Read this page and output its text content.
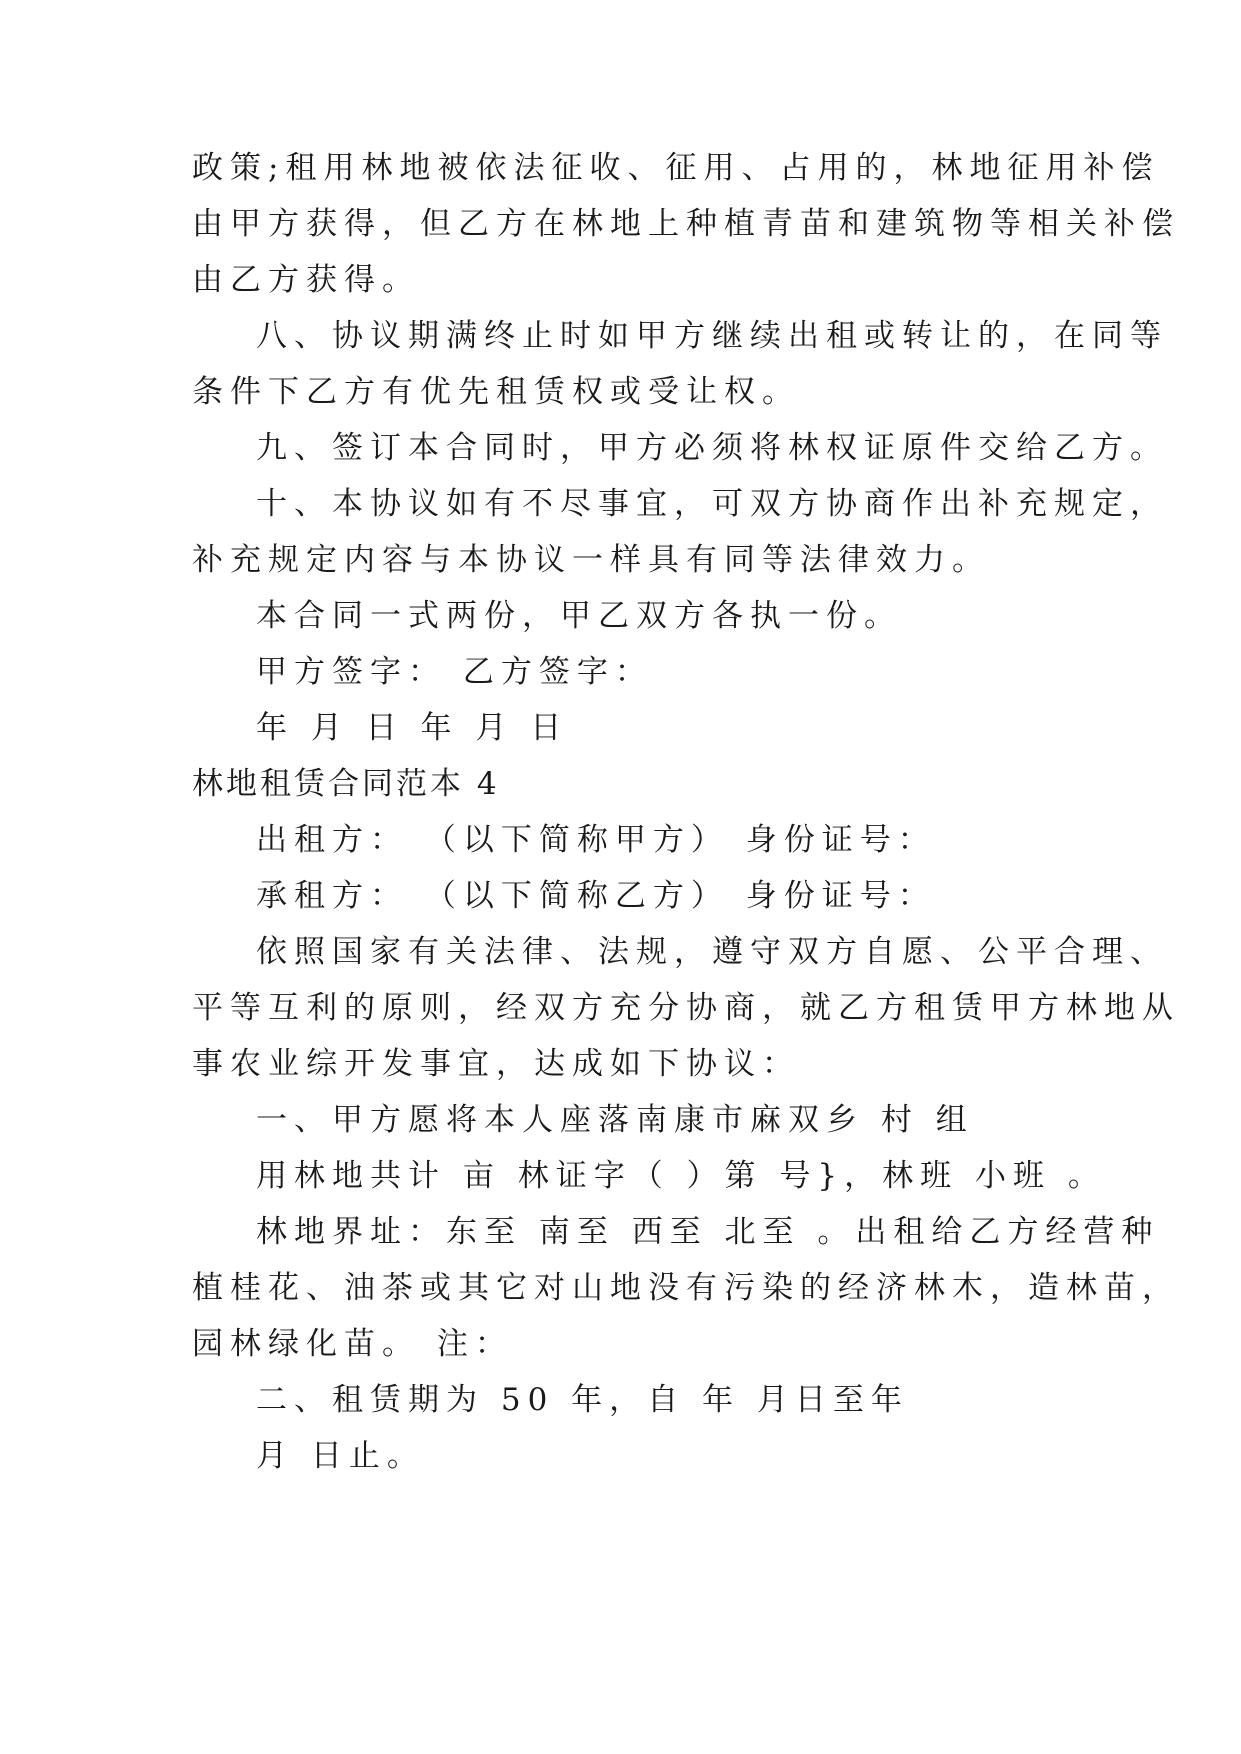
政策;租用林地被依法征收、征用、占用的，林地征用补偿
由甲方获得，但乙方在林地上种植青苗和建筑物等相关补偿
由乙方获得。
八、协议期满终止时如甲方继续出租或转让的，在同等
条件下乙方有优先租赁权或受让权。
九、签订本合同时，甲方必须将林权证原件交给乙方。
十、本协议如有不尽事宜，可双方协商作出补充规定，
补充规定内容与本协议一样具有同等法律效力。
本合同一式两份，甲乙双方各执一份。
甲方签字： 乙方签字：
年 月 日 年 月 日
林地租赁合同范本 4
出租方： （以下简称甲方） 身份证号：
承租方： （以下简称乙方） 身份证号：
依照国家有关法律、法规，遵守双方自愿、公平合理、
平等互利的原则，经双方充分协商，就乙方租赁甲方林地从
事农业综开发事宜，达成如下协议：
一、甲方愿将本人座落南康市麻双乡 村 组
用林地共计 亩 林证字（ ）第 号}，林班 小班 。
林地界址：东至 南至 西至 北至 。出租给乙方经营种
植桂花、油茶或其它对山地没有污染的经济林木，造林苗，
园林绿化苗。 注：
二、租赁期为 50 年，自 年 月日至年
月 日止。
